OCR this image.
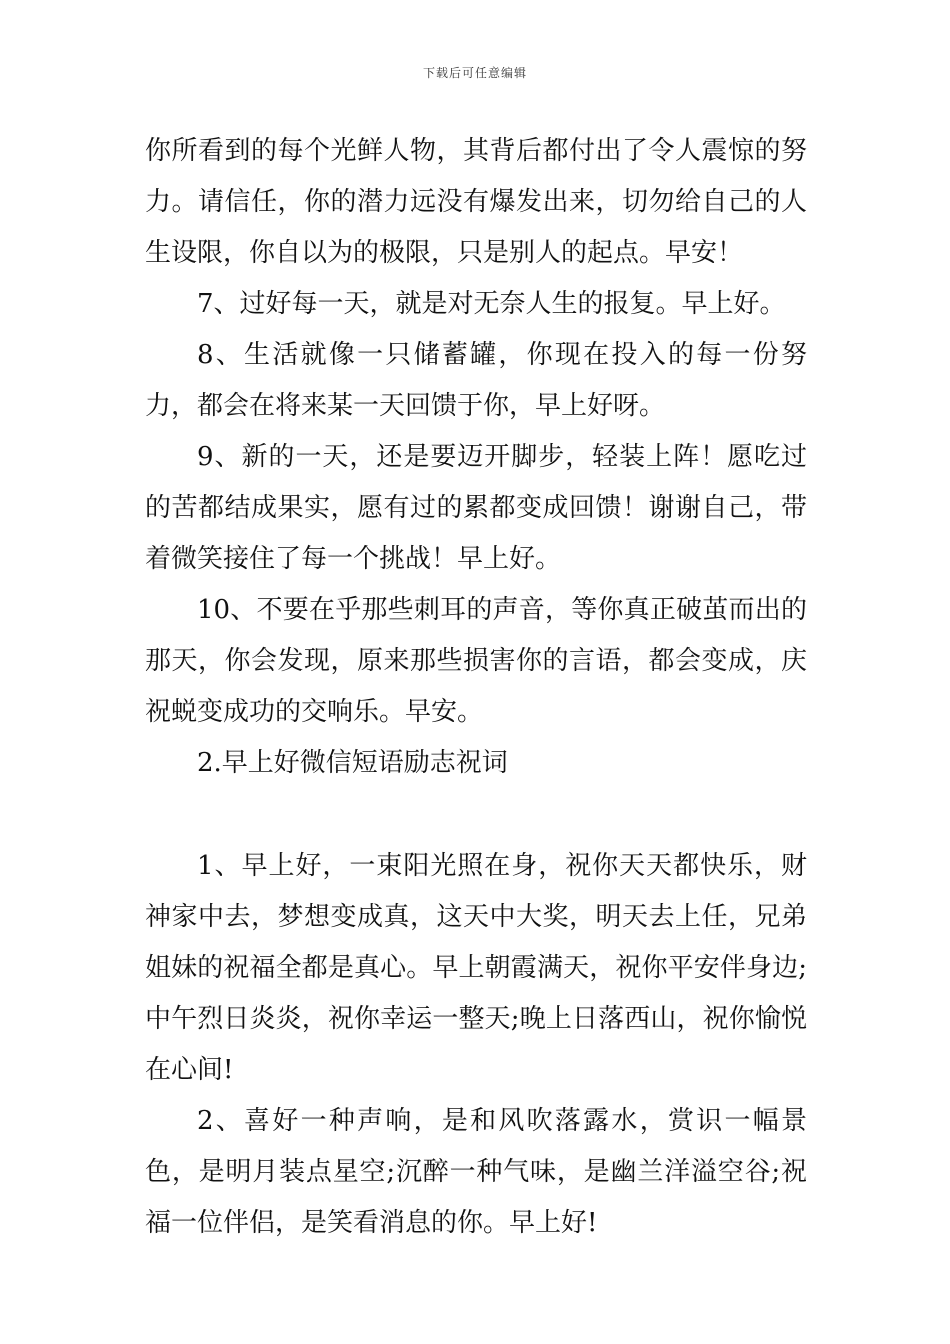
下载后可任意编辑

你所看到的每个光鲜人物，其背后都付出了令人震惊的努力。请信任，你的潜力远没有爆发出来，切勿给自己的人生设限，你自以为的极限，只是别人的起点。早安！

7、过好每一天，就是对无奈人生的报复。早上好。

8、生活就像一只储蓄罐，你现在投入的每一份努力，都会在将来某一天回馈于你，早上好呀。

9、新的一天，还是要迈开脚步，轻装上阵！愿吃过的苦都结成果实，愿有过的累都变成回馈！谢谢自己，带着微笑接住了每一个挑战！早上好。

10、不要在乎那些刺耳的声音，等你真正破茧而出的那天，你会发现，原来那些损害你的言语，都会变成，庆祝蜕变成功的交响乐。早安。

2.早上好微信短语励志祝词

1、早上好，一束阳光照在身，祝你天天都快乐，财神家中去，梦想变成真，这天中大奖，明天去上任，兄弟姐妹的祝福全都是真心。早上朝霞满天，祝你平安伴身边;中午烈日炎炎，祝你幸运一整天;晚上日落西山，祝你愉悦在心间!

2、喜好一种声响，是和风吹落露水，赏识一幅景色，是明月装点星空;沉醉一种气味，是幽兰洋溢空谷;祝福一位伴侣，是笑看消息的你。早上好!
